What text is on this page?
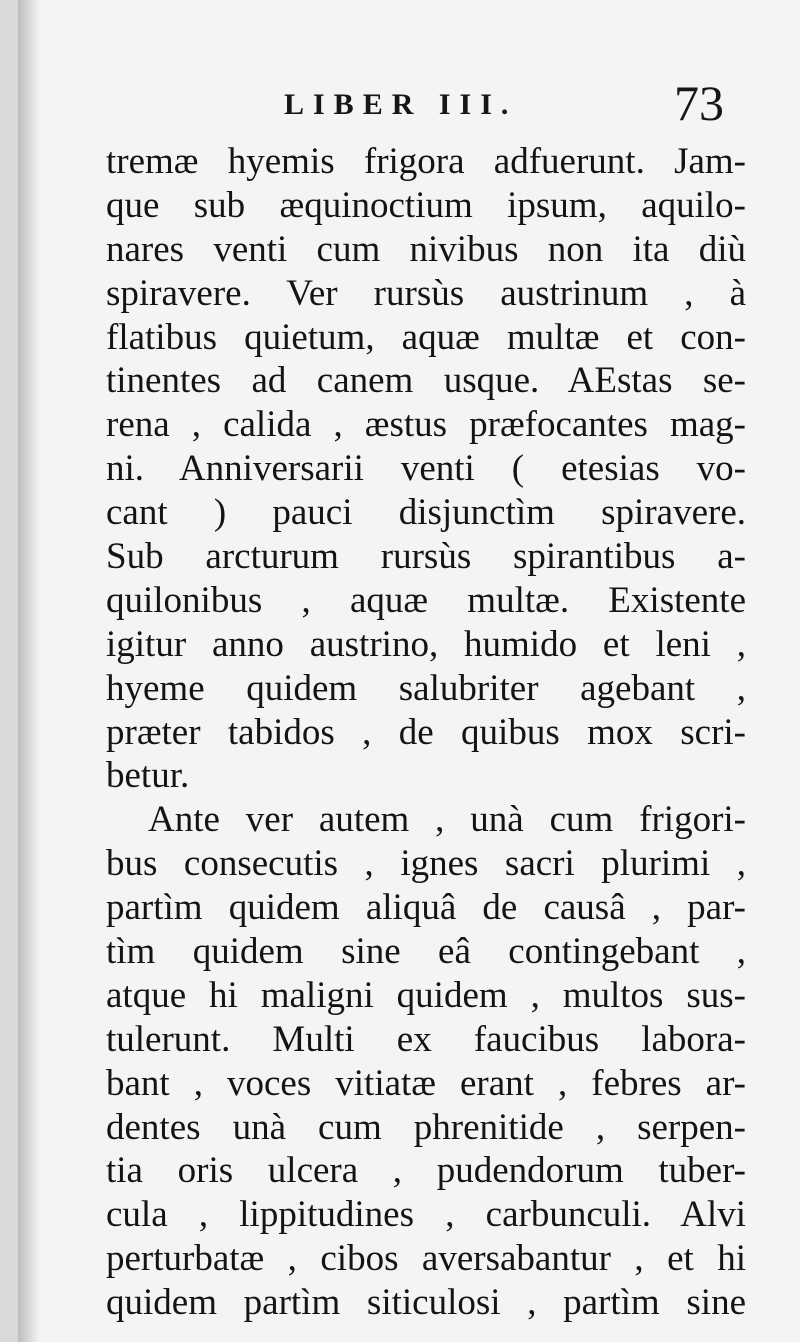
LIBER III.	73
tremæ hyemis frigora adfuerunt. Jam-
que sub æquinoctium ipsum, aquilo-
nares venti cum nivibus non ita diù
spiravere. Ver rursùs austrinum , à
flatibus quietum, aquæ multæ et con-
tinentes ad canem usque. AEstas se-
rena , calida , æstus præfocantes mag-
ni. Anniversarii venti ( etesias vo-
cant ) pauci disjunctìm spiravere.
Sub arcturum rursùs spirantibus a-
quilonibus , aquæ multæ. Existente
igitur anno austrino, humido et leni ,
hyeme quidem salubriter agebant ,
præter tabidos , de quibus mox scri-
betur.
Ante ver autem , unà cum frigori-
bus consecutis , ignes sacri plurimi ,
partìm quidem aliquâ de causâ , par-
tìm quidem sine eâ contingebant ,
atque hi maligni quidem , multos sus-
tulerunt. Multi ex faucibus labora-
bant , voces vitiatæ erant , febres ar-
dentes unà cum phrenitide , serpen-
tia oris ulcera , pudendorum tuber-
cula , lippitudines , carbunculi. Alvi
perturbatæ , cibos aversabantur , et hi
quidem partìm siticulosi , partìm sine
